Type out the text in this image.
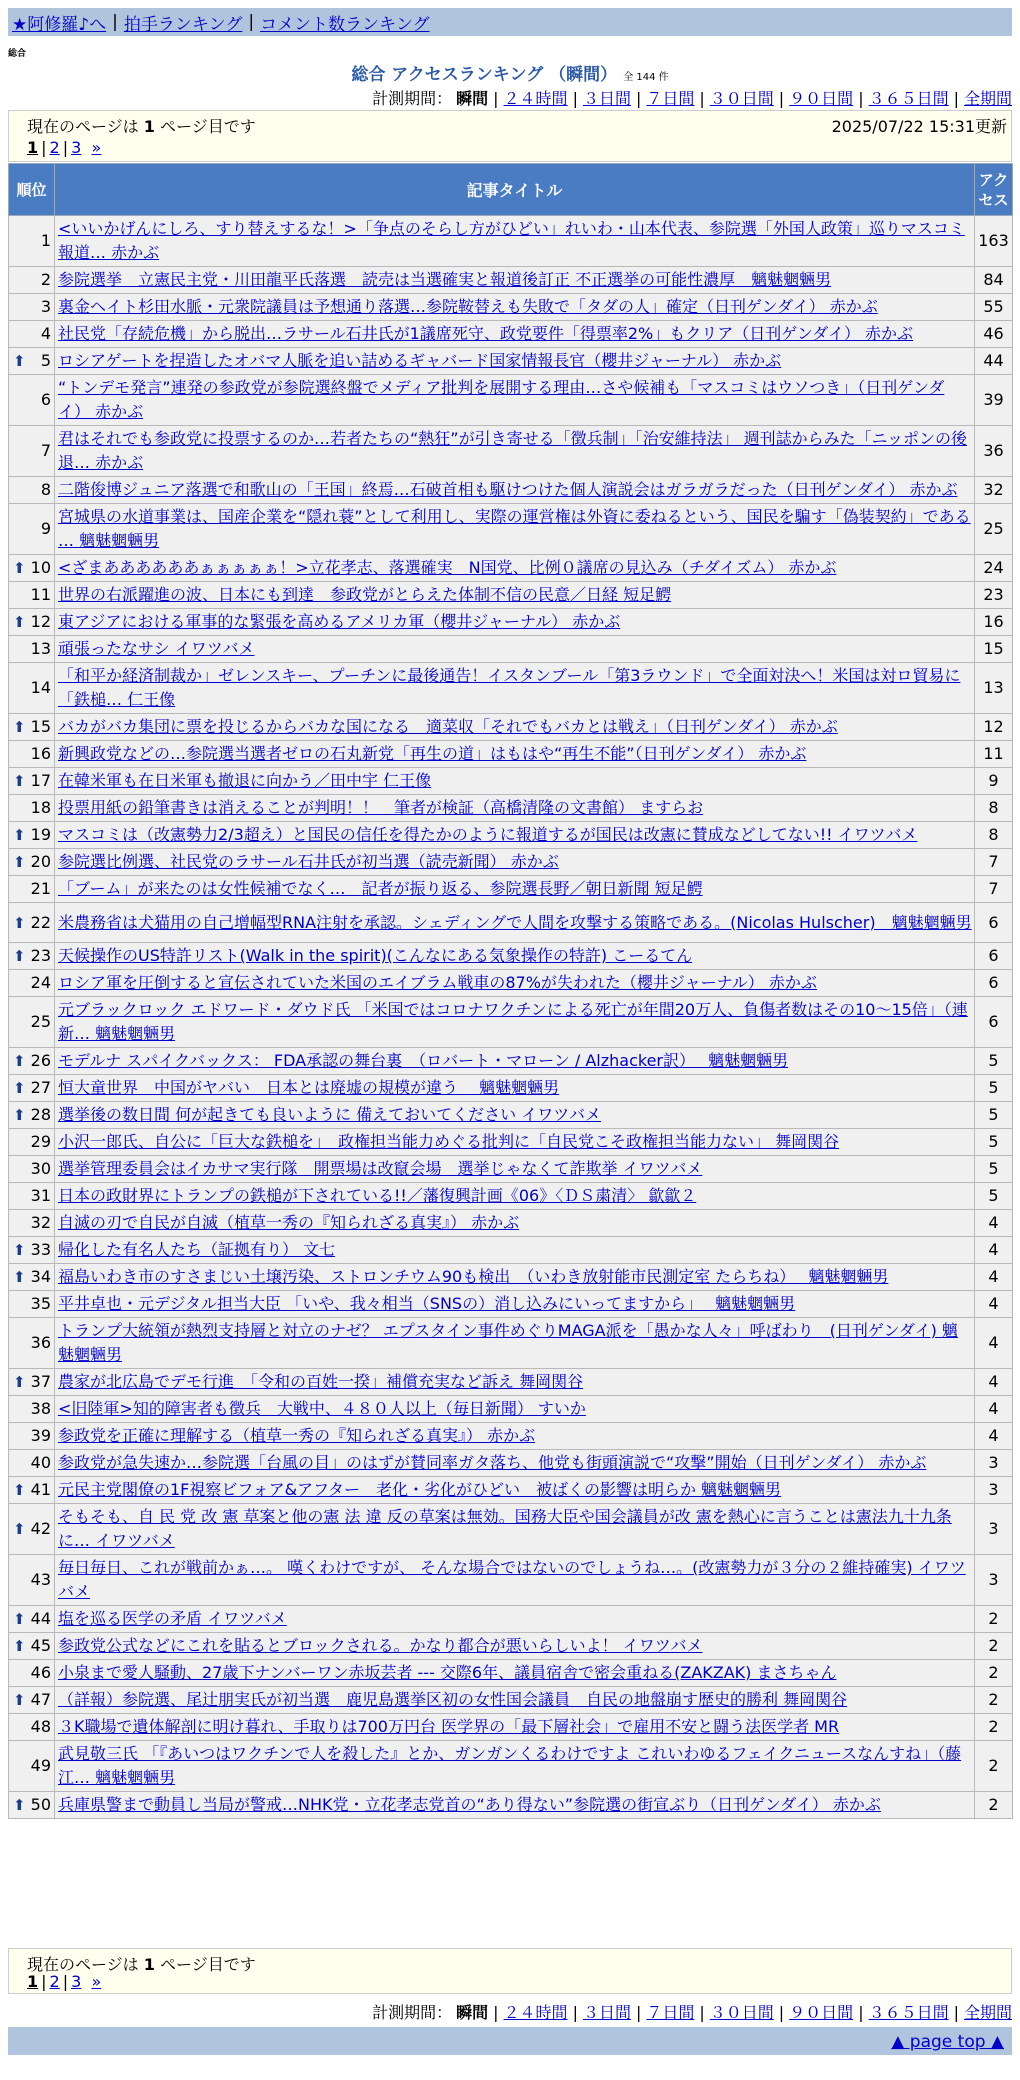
★阿修羅♪へ | 拍手ランキング | コメント数ランキング
総合
総合 アクセスランキング （瞬間） 全 144 件
計測期間： 瞬間 | ２４時間 | ３日間 | ７日間 | ３０日間 | ９０日間 | ３６５日間 | 全期間
現在のページは 1 ページ目です	2025/07/22 15:31更新
1 | 2 | 3 »
順位	記事タイトル	アクセス
1	<いいかげんにしろ、すり替えするな！>「争点のそらし方がひどい」れいわ・山本代表、参院選「外国人政策」巡りマスコミ報道… 赤かぶ	163
2	参院選挙　立憲民主党・川田龍平氏落選　読売は当選確実と報道後訂正 不正選挙の可能性濃厚　魑魅魍魎男	84
3	裏金ヘイト杉田水脈・元衆院議員は予想通り落選…参院鞍替えも失敗で「タダの人」確定（日刊ゲンダイ） 赤かぶ	55
4	社民党「存続危機」から脱出…ラサール石井氏が1議席死守、政党要件「得票率2%」もクリア（日刊ゲンダイ） 赤かぶ	46

⬆ 5	ロシアゲートを捏造したオバマ人脈を追い詰めるギャバード国家情報長官（櫻井ジャーナル） 赤かぶ	44
6	“トンデモ発言”連発の参政党が参院選終盤でメディア批判を展開する理由…さや候補も「マスコミはウソつき」（日刊ゲンダイ） 赤かぶ	39
7	君はそれでも参政党に投票するのか…若者たちの“熱狂”が引き寄せる「徴兵制」「治安維持法」 週刊誌からみた「ニッポンの後退… 赤かぶ	36
8	二階俊博ジュニア落選で和歌山の「王国」終焉…石破首相も駆けつけた個人演説会はガラガラだった（日刊ゲンダイ） 赤かぶ	32
9	宮城県の水道事業は、国産企業を“隠れ蓑”として利用し、実際の運営権は外資に委ねるという、国民を騙す「偽装契約」である … 魑魅魍魎男	25

⬆ 10	<ざまああああああぁぁぁぁぁ！>立花孝志、落選確実　N国党、比例０議席の見込み（チダイズム） 赤かぶ	24
11	世界の右派躍進の波、日本にも到達　参政党がとらえた体制不信の民意／日経 短足鰐	23

⬆ 12	東アジアにおける軍事的な緊張を高めるアメリカ軍（櫻井ジャーナル） 赤かぶ	16
13	頑張ったなサシ イワツバメ	15
14	「和平か経済制裁か」ゼレンスキー、プーチンに最後通告！イスタンブール「第3ラウンド」で全面対決へ！米国は対ロ貿易に「鉄槌… 仁王像	13

⬆ 15	バカがバカ集団に票を投じるからバカな国になる　適菜収「それでもバカとは戦え」（日刊ゲンダイ） 赤かぶ	12
16	新興政党などの…参院選当選者ゼロの石丸新党「再生の道」はもはや“再生不能”（日刊ゲンダイ） 赤かぶ	11

⬆ 17	在韓米軍も在日米軍も撤退に向かう／田中宇 仁王像	9
18	投票用紙の鉛筆書きは消えることが判明！！　筆者が検証（高橋清隆の文書館） ますらお	8

⬆ 19	マスコミは（改憲勢力2/3超え）と国民の信任を得たかのように報道するが国民は改憲に賛成などしてない!! イワツバメ	8

⬆ 20	参院選比例選、社民党のラサール石井氏が初当選（読売新聞） 赤かぶ	7
21	「ブーム」が来たのは女性候補でなく…　記者が振り返る、参院選長野／朝日新聞 短足鰐	7

⬆ 22	米農務省は犬猫用の自己增幅型RNA注射を承認。シェディングで人間を攻撃する策略である。(Nicolas Hulscher)　魑魅魍魎男	6

⬆ 23	天候操作のUS特許リスト(Walk in the spirit)(こんなにある気象操作の特許) こーるてん	6
24	ロシア軍を圧倒すると宣伝されていた米国のエイブラム戦車の87%が失われた（櫻井ジャーナル） 赤かぶ	6
25	元ブラックロック エドワード・ダウド氏 「米国ではコロナワクチンによる死亡が年間20万人、負傷者数はその10〜15倍」（連新… 魑魅魍魎男	6

⬆ 26	モデルナ スパイクバックス： FDA承認の舞台裏　（ロバート・マローン / Alzhacker訳）　 魑魅魍魎男	5

⬆ 27	恒大童世界　中国がヤバい　日本とは廃墟の規模が違う　 魑魅魍魎男	5

⬆ 28	選挙後の数日間 何が起きても良いように 備えておいてください イワツバメ	5
29	小沢一郎氏、自公に「巨大な鉄槌を」　政権担当能力めぐる批判に「自民党こそ政権担当能力ない」 舞岡関谷	5
30	選挙管理委員会はイカサマ実行隊　開票場は改竄会場　選挙じゃなくて詐欺挙 イワツバメ	5
31	日本の政財界にトランプの鉄槌が下されている!!／藩復興計画《06》〈ＤＳ粛清〉 歙歙２	5
32	自滅の刃で自民が自滅（植草一秀の『知られざる真実』） 赤かぶ	4

⬆ 33	帰化した有名人たち（証拠有り） 文七	4

⬆ 34	福島いわき市のすさまじい土壌汚染、ストロンチウム90も検出　（いわき放射能市民測定室 たらちね）　 魑魅魍魎男	4
35	平井卓也・元デジタル担当大臣 「いや、我々相当（SNSの）消し込みにいってますから」　 魑魅魍魎男	4
36	トランプ大統領が熱烈支持層と対立のナゼ？ エプスタイン事件めぐりMAGA派を「愚かな人々」呼ばわり　(日刊ゲンダイ) 魑魅魍魎男	4

⬆ 37	農家が北広島でデモ行進　「令和の百姓一揆」補償充実など訴え 舞岡関谷	4
38	<旧陸軍>知的障害者も徴兵　大戦中、４８０人以上（毎日新聞） すいか	4
39	参政党を正確に理解する（植草一秀の『知られざる真実』） 赤かぶ	4
40	参政党が急失速か…参院選「台風の目」のはずが賛同率ガタ落ち、他党も街頭演説で“攻撃”開始（日刊ゲンダイ） 赤かぶ	3

⬆ 41	元民主党閣僚の1F視察ビフォア&アフター　老化・劣化がひどい　被ばくの影響は明らか 魑魅魍魎男	3

⬆ 42	そもそも、自 民 党 改 憲 草案と他の憲 法 違 反の草案は無効。国務大臣や国会議員が改 憲を熱心に言うことは憲法九十九条に… イワツバメ	3
43	毎日毎日、これが戦前かぁ…。 嘆くわけですが、 そんな場合ではないのでしょうね…。(改憲勢力が３分の２維持確実) イワツバメ	3

⬆ 44	塩を巡る医学の矛盾 イワツバメ	2

⬆ 45	参政党公式などにこれを貼るとブロックされる。かなり都合が悪いらしいよ！ イワツバメ	2
46	小泉まで愛人騒動、27歳下ナンバーワン赤坂芸者 --- 交際6年、議員宿舎で密会重ねる(ZAKZAK) まさちゃん	2

⬆ 47	（詳報）参院選、尾辻朋実氏が初当選　鹿児島選挙区初の女性国会議員　自民の地盤崩す歴史的勝利 舞岡関谷	2
48	３K職場で遺体解剖に明け暮れ、手取りは700万円台 医学界の「最下層社会」で雇用不安と闘う法医学者 MR	2
49	武見敬三氏 「『あいつはワクチンで人を殺した』とか、ガンガンくるわけですよ これいわゆるフェイクニュースなんすね」（藤江… 魑魅魍魎男	2

⬆ 50	兵庫県警まで動員し当局が警戒…NHK党・立花孝志党首の“あり得ない”参院選の街宣ぶり（日刊ゲンダイ） 赤かぶ	2
現在のページは 1 ページ目です
1 | 2 | 3 »
計測期間： 瞬間 | ２４時間 | ３日間 | ７日間 | ３０日間 | ９０日間 | ３６５日間 | 全期間
▲ page top ▲
